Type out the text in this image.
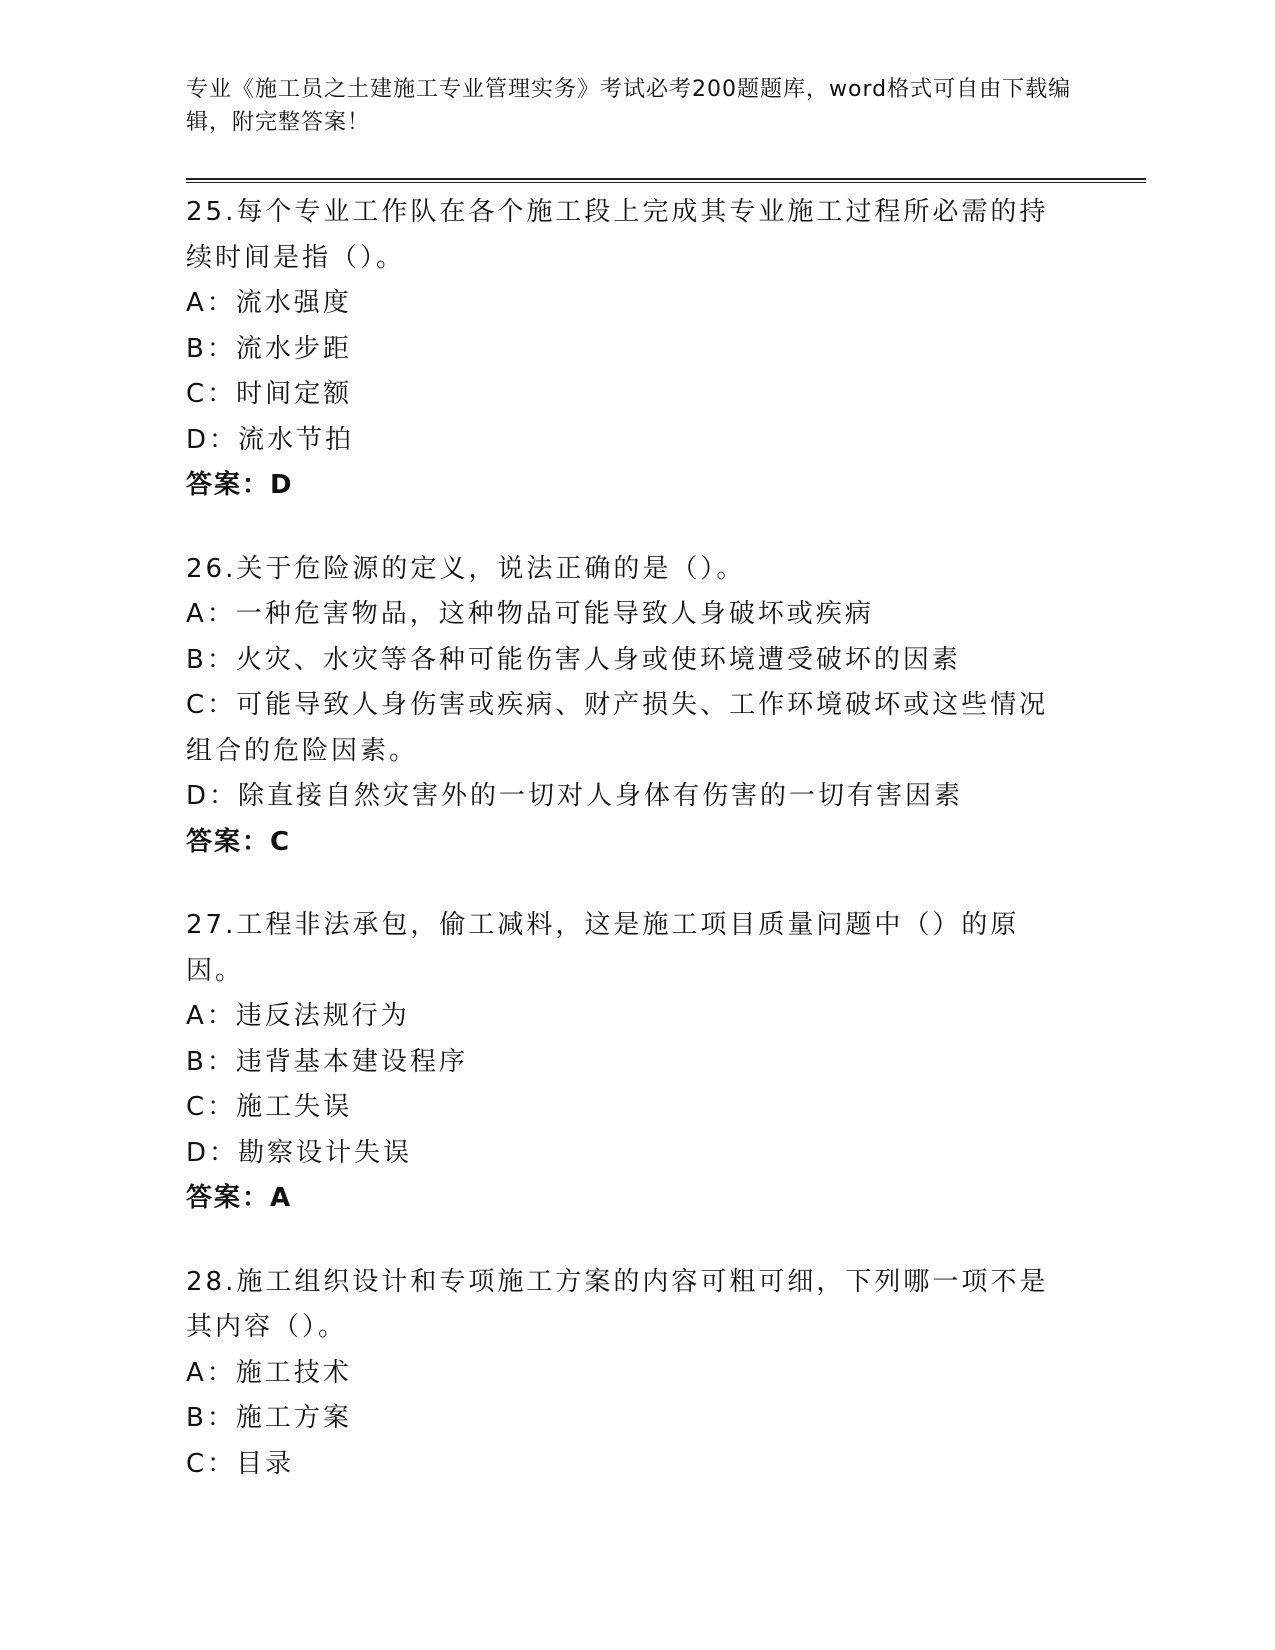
专业《施工员之土建施工专业管理实务》考试必考200题题库，word格式可自由下载编辑，附完整答案！
25.每个专业工作队在各个施工段上完成其专业施工过程所必需的持续时间是指（）。
A：流水强度
B：流水步距
C：时间定额
D：流水节拍
答案：D
26.关于危险源的定义，说法正确的是（）。
A：一种危害物品，这种物品可能导致人身破坏或疾病
B：火灾、水灾等各种可能伤害人身或使环境遭受破坏的因素
C：可能导致人身伤害或疾病、财产损失、工作环境破坏或这些情况组合的危险因素。
D：除直接自然灾害外的一切对人身体有伤害的一切有害因素
答案：C
27.工程非法承包，偷工减料，这是施工项目质量问题中（）的原因。
A：违反法规行为
B：违背基本建设程序
C：施工失误
D：勘察设计失误
答案：A
28.施工组织设计和专项施工方案的内容可粗可细，下列哪一项不是其内容（）。
A：施工技术
B：施工方案
C：目录
